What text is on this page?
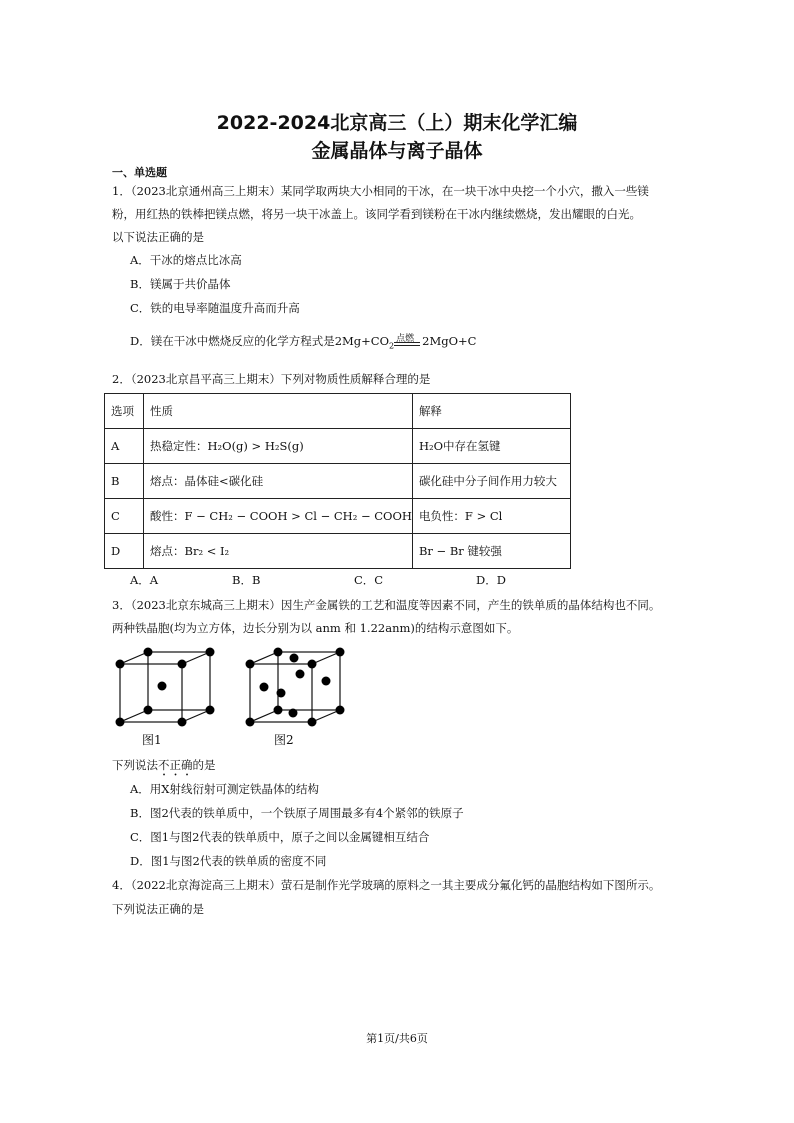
2022-2024北京高三（上）期末化学汇编
金属晶体与离子晶体
一、单选题
1．（2023北京通州高三上期末）某同学取两块大小相同的干冰，在一块干冰中央挖一个小穴，撒入一些镁
粉，用红热的铁棒把镁点燃，将另一块干冰盖上。该同学看到镁粉在干冰内继续燃烧，发出耀眼的白光。
以下说法正确的是
A．干冰的熔点比冰高
B．镁属于共价晶体
C．铁的电导率随温度升高而升高
D．镁在干冰中燃烧反应的化学方程式是$2Mg+CO_2$
点燃 2MgO+C
2．（2023北京昌平高三上期末）下列对物质性质解释合理的是
选项	性质	解释
A	热稳定性：H₂O(g) > H₂S(g)	H₂O中存在氢键
B	熔点：晶体硅<碳化硅	碳化硅中分子间作用力较大
C	酸性：F − CH₂ − COOH > Cl − CH₂ − COOH	电负性：F > Cl
D	熔点：Br₂ < I₂	Br − Br 键较强
A．A	B．B	C．C	D．D
3．（2023北京东城高三上期末）因生产金属铁的工艺和温度等因素不同，产生的铁单质的晶体结构也不同。
两种铁晶胞(均为立方体，边长分别为以 anm 和 1.22anm)的结构示意图如下。
图1	图2
下列说法不正确的是
A．用X射线衍射可测定铁晶体的结构
B．图2代表的铁单质中，一个铁原子周围最多有4个紧邻的铁原子
C．图1与图2代表的铁单质中，原子之间以金属键相互结合
D．图1与图2代表的铁单质的密度不同
4．（2022北京海淀高三上期末）萤石是制作光学玻璃的原料之一其主要成分氟化钙的晶胞结构如下图所示。
下列说法正确的是
第1页/共6页
